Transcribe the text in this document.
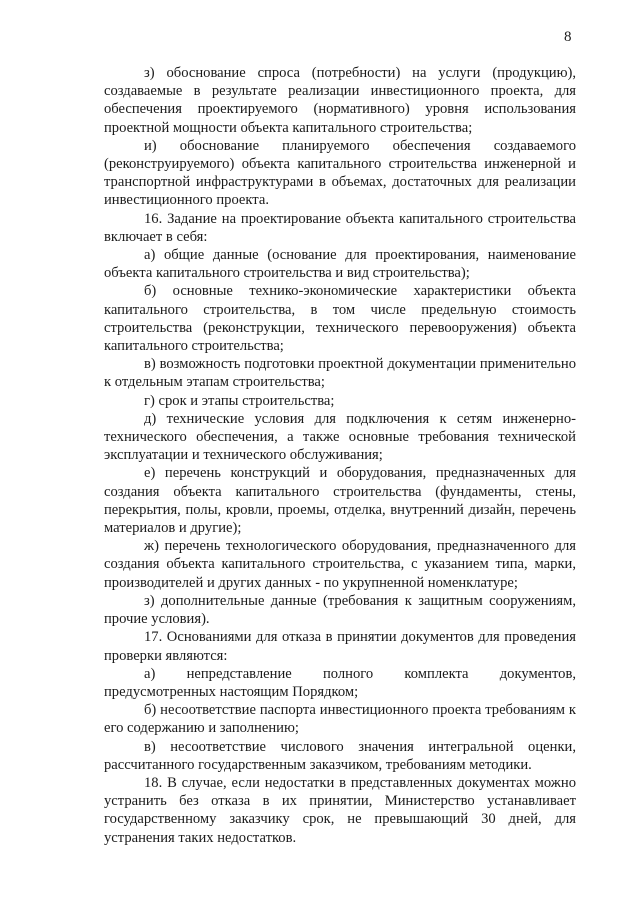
8

з) обоснование спроса (потребности) на услуги (продукцию), создаваемые в результате реализации инвестиционного проекта, для обеспечения проектируемого (нормативного) уровня использования проектной мощности объекта капитального строительства;

и) обоснование планируемого обеспечения создаваемого (реконструируемого) объекта капитального строительства инженерной и транспортной инфраструктурами в объемах, достаточных для реализации инвестиционного проекта.

16. Задание на проектирование объекта капитального строительства включает в себя:

а) общие данные (основание для проектирования, наименование объекта капитального строительства и вид строительства);

б) основные технико-экономические характеристики объекта капитального строительства, в том числе предельную стоимость строительства (реконструкции, технического перевооружения) объекта капитального строительства;

в) возможность подготовки проектной документации применительно к отдельным этапам строительства;

г) срок и этапы строительства;

д) технические условия для подключения к сетям инженерно-технического обеспечения, а также основные требования технической эксплуатации и технического обслуживания;

е) перечень конструкций и оборудования, предназначенных для создания объекта капитального строительства (фундаменты, стены, перекрытия, полы, кровли, проемы, отделка, внутренний дизайн, перечень материалов и другие);

ж) перечень технологического оборудования, предназначенного для создания объекта капитального строительства, с указанием типа, марки, производителей и других данных - по укрупненной номенклатуре;

з) дополнительные данные (требования к защитным сооружениям, прочие условия).

17. Основаниями для отказа в принятии документов для проведения проверки являются:

а) непредставление полного комплекта документов, предусмотренных настоящим Порядком;

б) несоответствие паспорта инвестиционного проекта требованиям к его содержанию и заполнению;

в) несоответствие числового значения интегральной оценки, рассчитанного государственным заказчиком, требованиям методики.

18. В случае, если недостатки в представленных документах можно устранить без отказа в их принятии, Министерство устанавливает государственному заказчику срок, не превышающий 30 дней, для устранения таких недостатков.
